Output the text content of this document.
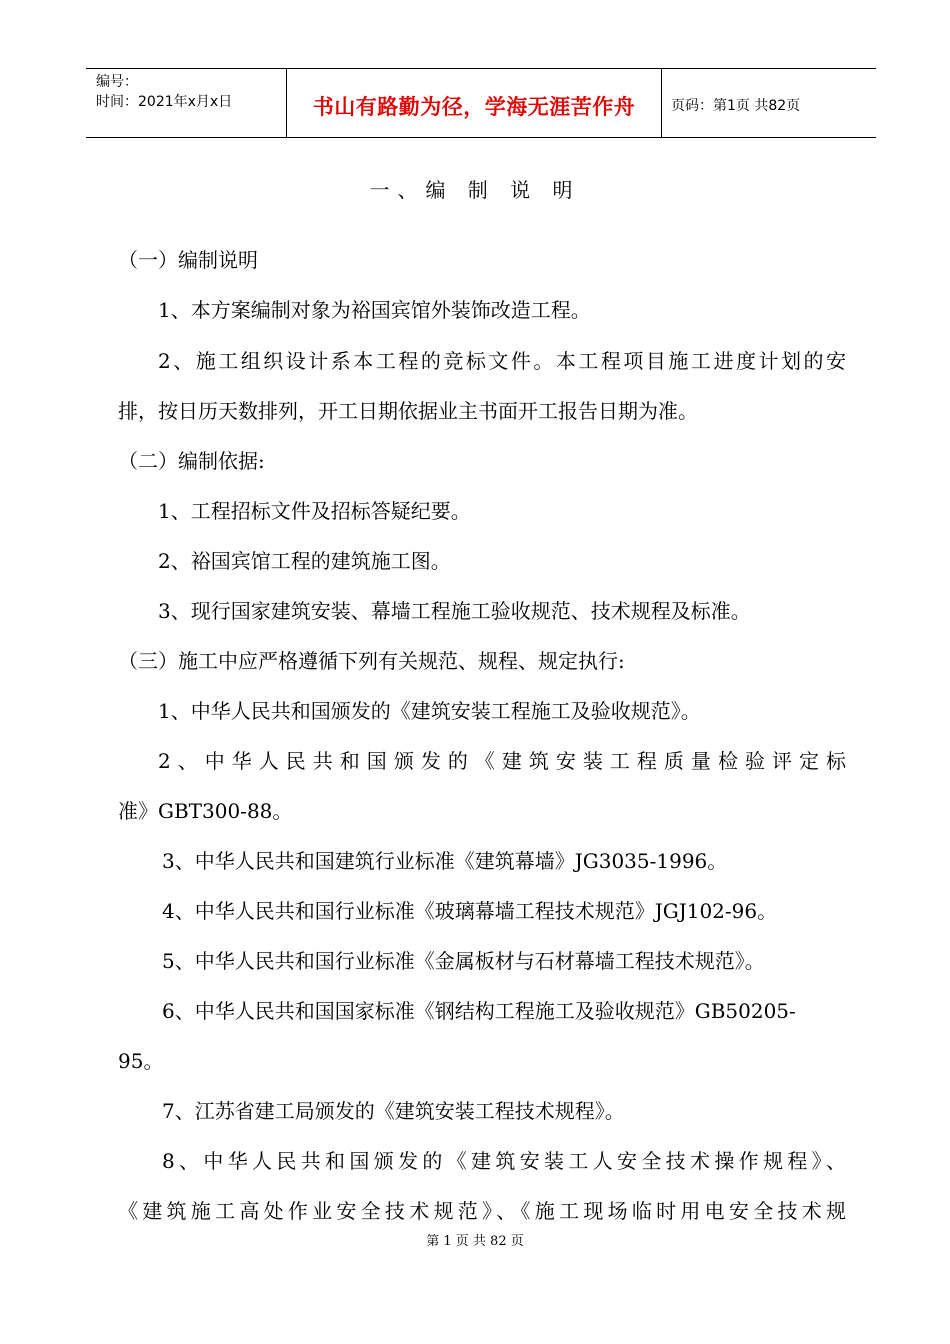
编号：
时间：2021年x月x日	书山有路勤为径，学海无涯苦作舟	页码：第1页 共82页
一、编 制 说 明
（一）编制说明
1、本方案编制对象为裕国宾馆外装饰改造工程。
2、施工组织设计系本工程的竞标文件。本工程项目施工进度计划的安
排，按日历天数排列，开工日期依据业主书面开工报告日期为准。
（二）编制依据:
1、工程招标文件及招标答疑纪要。
2、裕国宾馆工程的建筑施工图。
3、现行国家建筑安装、幕墙工程施工验收规范、技术规程及标准。
（三）施工中应严格遵循下列有关规范、规程、规定执行:
1、中华人民共和国颁发的《建筑安装工程施工及验收规范》。
2、中华人民共和国颁发的《建筑安装工程质量检验评定标
准》GBT300-88。
3、中华人民共和国建筑行业标准《建筑幕墙》JG3035-1996。
4、中华人民共和国行业标准《玻璃幕墙工程技术规范》JGJ102-96。
5、中华人民共和国行业标准《金属板材与石材幕墙工程技术规范》。
6、中华人民共和国国家标准《钢结构工程施工及验收规范》GB50205-
95。
7、江苏省建工局颁发的《建筑安装工程技术规程》。
8、中华人民共和国颁发的《建筑安装工人安全技术操作规程》、
《建筑施工高处作业安全技术规范》、《施工现场临时用电安全技术规
第 1 页 共 82 页
